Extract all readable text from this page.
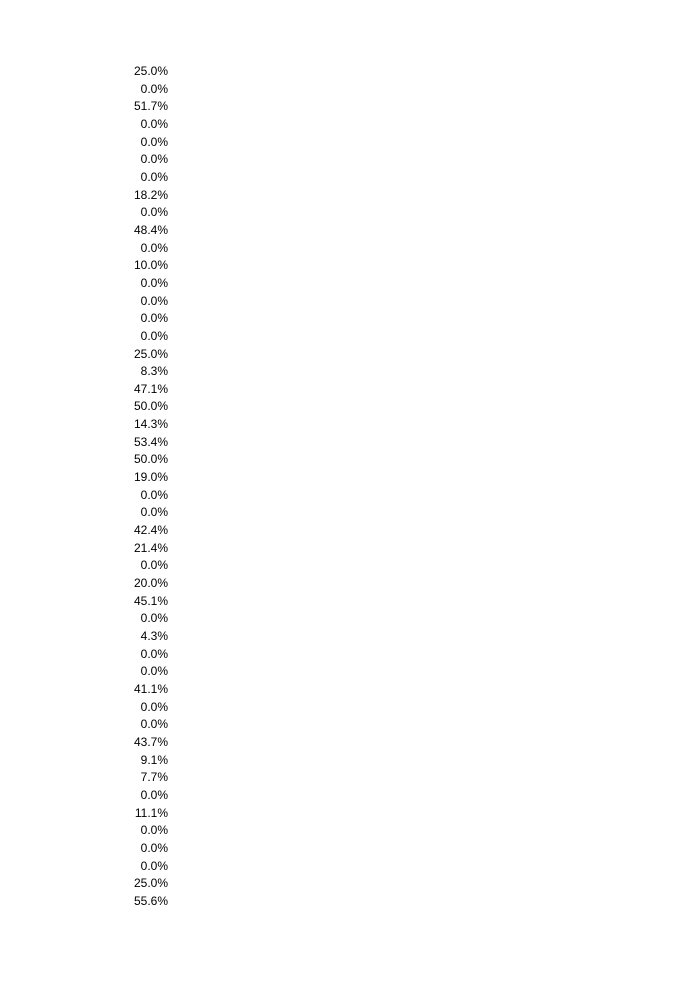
25.0%
0.0%
51.7%
0.0%
0.0%
0.0%
0.0%
18.2%
0.0%
48.4%
0.0%
10.0%
0.0%
0.0%
0.0%
0.0%
25.0%
8.3%
47.1%
50.0%
14.3%
53.4%
50.0%
19.0%
0.0%
0.0%
42.4%
21.4%
0.0%
20.0%
45.1%
0.0%
4.3%
0.0%
0.0%
41.1%
0.0%
0.0%
43.7%
9.1%
7.7%
0.0%
11.1%
0.0%
0.0%
0.0%
25.0%
55.6%
